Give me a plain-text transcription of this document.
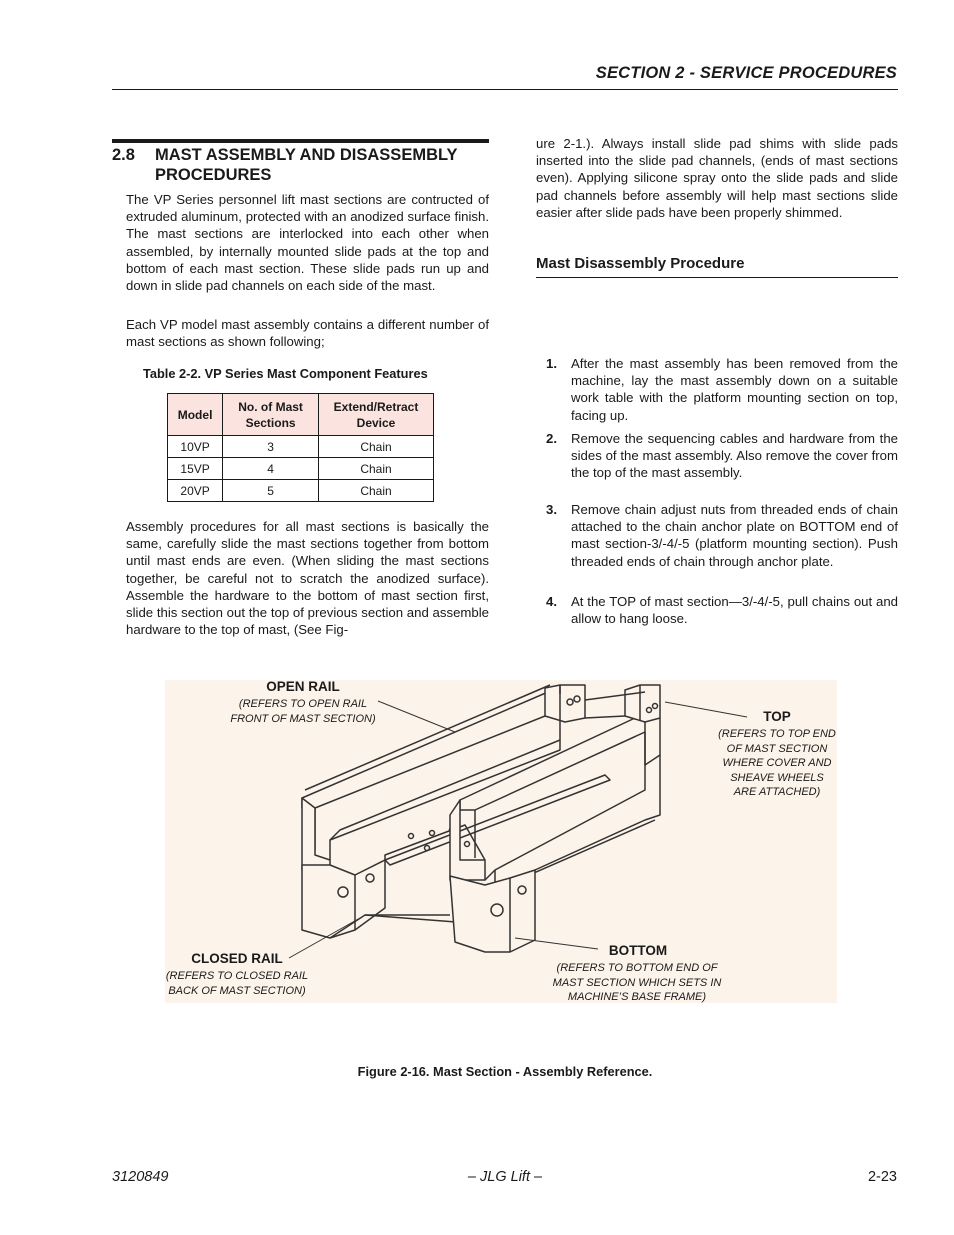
SECTION 2 - SERVICE PROCEDURES
2.8 MAST ASSEMBLY AND DISASSEMBLY PROCEDURES

The VP Series personnel lift mast sections are contructed of extruded aluminum, protected with an anodized surface finish. The mast sections are interlocked into each other when assembled, by internally mounted slide pads at the top and bottom of each mast section. These slide pads run up and down in slide pad channels on each side of the mast.

Each VP model mast assembly contains a different number of mast sections as shown following;

Table 2-2. VP Series Mast Component Features
Model	No. of Mast Sections	Extend/Retract Device
10VP	3	Chain
15VP	4	Chain
20VP	5	Chain

Assembly procedures for all mast sections is basically the same, carefully slide the mast sections together from bottom until mast ends are even. (When sliding the mast sections together, be careful not to scratch the anodized surface). Assemble the hardware to the bottom of mast section first, slide this section out the top of previous section and assemble hardware to the top of mast, (See Fig-

ure 2-1.). Always install slide pad shims with slide pads inserted into the slide pad channels, (ends of mast sections even). Applying silicone spray onto the slide pads and slide pad channels before assembly will help mast sections slide easier after slide pads have been properly shimmed.

Mast Disassembly Procedure
1. After the mast assembly has been removed from the machine, lay the mast assembly down on a suitable work table with the platform mounting section on top, facing up.
2. Remove the sequencing cables and hardware from the sides of the mast assembly. Also remove the cover from the top of the mast assembly.
3. Remove chain adjust nuts from threaded ends of chain attached to the chain anchor plate on BOTTOM end of mast section-3/-4/-5 (platform mounting section). Push threaded ends of chain through anchor plate.
4. At the TOP of mast section—3/-4/-5, pull chains out and allow to hang loose.
OPEN RAIL
(REFERS TO OPEN RAIL
FRONT OF MAST SECTION)	TOP
(REFERS TO TOP END
OF MAST SECTION
WHERE COVER AND
SHEAVE WHEELS
ARE ATTACHED)
CLOSED RAIL
(REFERS TO CLOSED RAIL
BACK OF MAST SECTION)
BOTTOM
(REFERS TO BOTTOM END OF
MAST SECTION WHICH SETS IN
MACHINE’S BASE FRAME)
Figure 2-16. Mast Section - Assembly Reference.
3120849	– JLG Lift –	2-23
